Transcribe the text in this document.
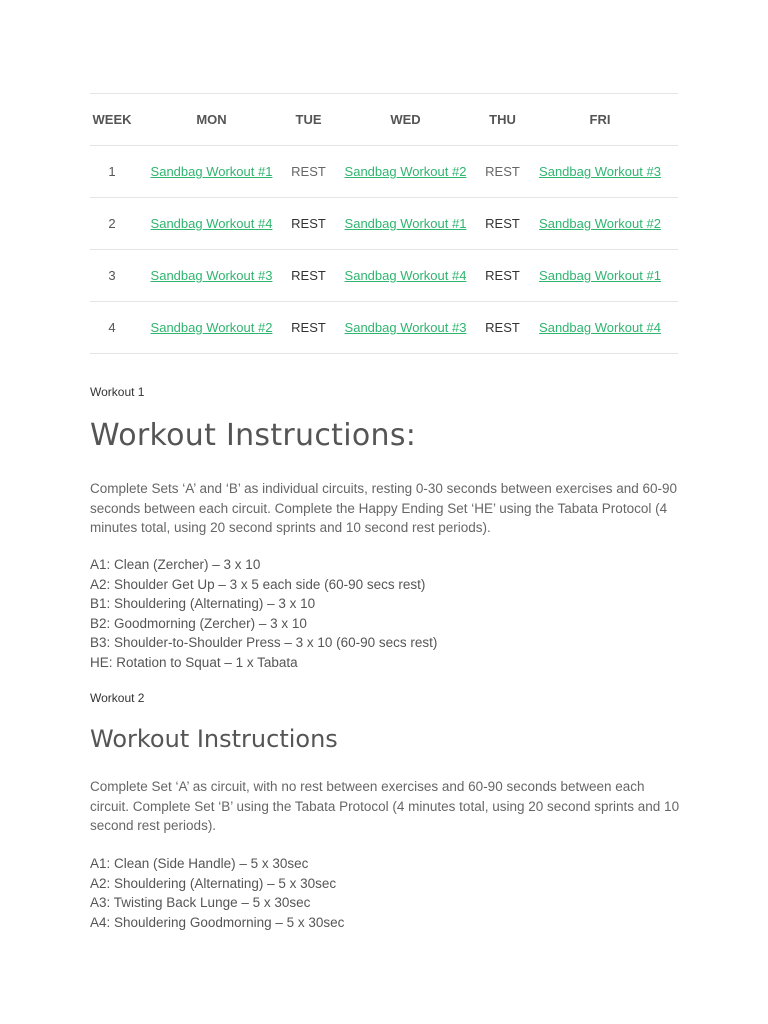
WEEK	MON	TUE	WED	THU	FRI
1	Sandbag Workout #1	REST	Sandbag Workout #2	REST	Sandbag Workout #3
2	Sandbag Workout #4	REST	Sandbag Workout #1	REST	Sandbag Workout #2
3	Sandbag Workout #3	REST	Sandbag Workout #4	REST	Sandbag Workout #1
4	Sandbag Workout #2	REST	Sandbag Workout #3	REST	Sandbag Workout #4

Workout 1

Workout Instructions:

Complete Sets ‘A’ and ‘B’ as individual circuits, resting 0-30 seconds between exercises and 60-90 seconds between each circuit. Complete the Happy Ending Set ‘HE’ using the Tabata Protocol (4 minutes total, using 20 second sprints and 10 second rest periods).

A1: Clean (Zercher) – 3 x 10
A2: Shoulder Get Up – 3 x 5 each side (60-90 secs rest)
B1: Shouldering (Alternating) – 3 x 10
B2: Goodmorning (Zercher) – 3 x 10
B3: Shoulder-to-Shoulder Press – 3 x 10 (60-90 secs rest)
HE: Rotation to Squat – 1 x Tabata

Workout 2

Workout Instructions

Complete Set ‘A’ as circuit, with no rest between exercises and 60-90 seconds between each circuit. Complete Set ‘B’ using the Tabata Protocol (4 minutes total, using 20 second sprints and 10 second rest periods).

A1: Clean (Side Handle) – 5 x 30sec
A2: Shouldering (Alternating) – 5 x 30sec
A3: Twisting Back Lunge – 5 x 30sec
A4: Shouldering Goodmorning – 5 x 30sec
